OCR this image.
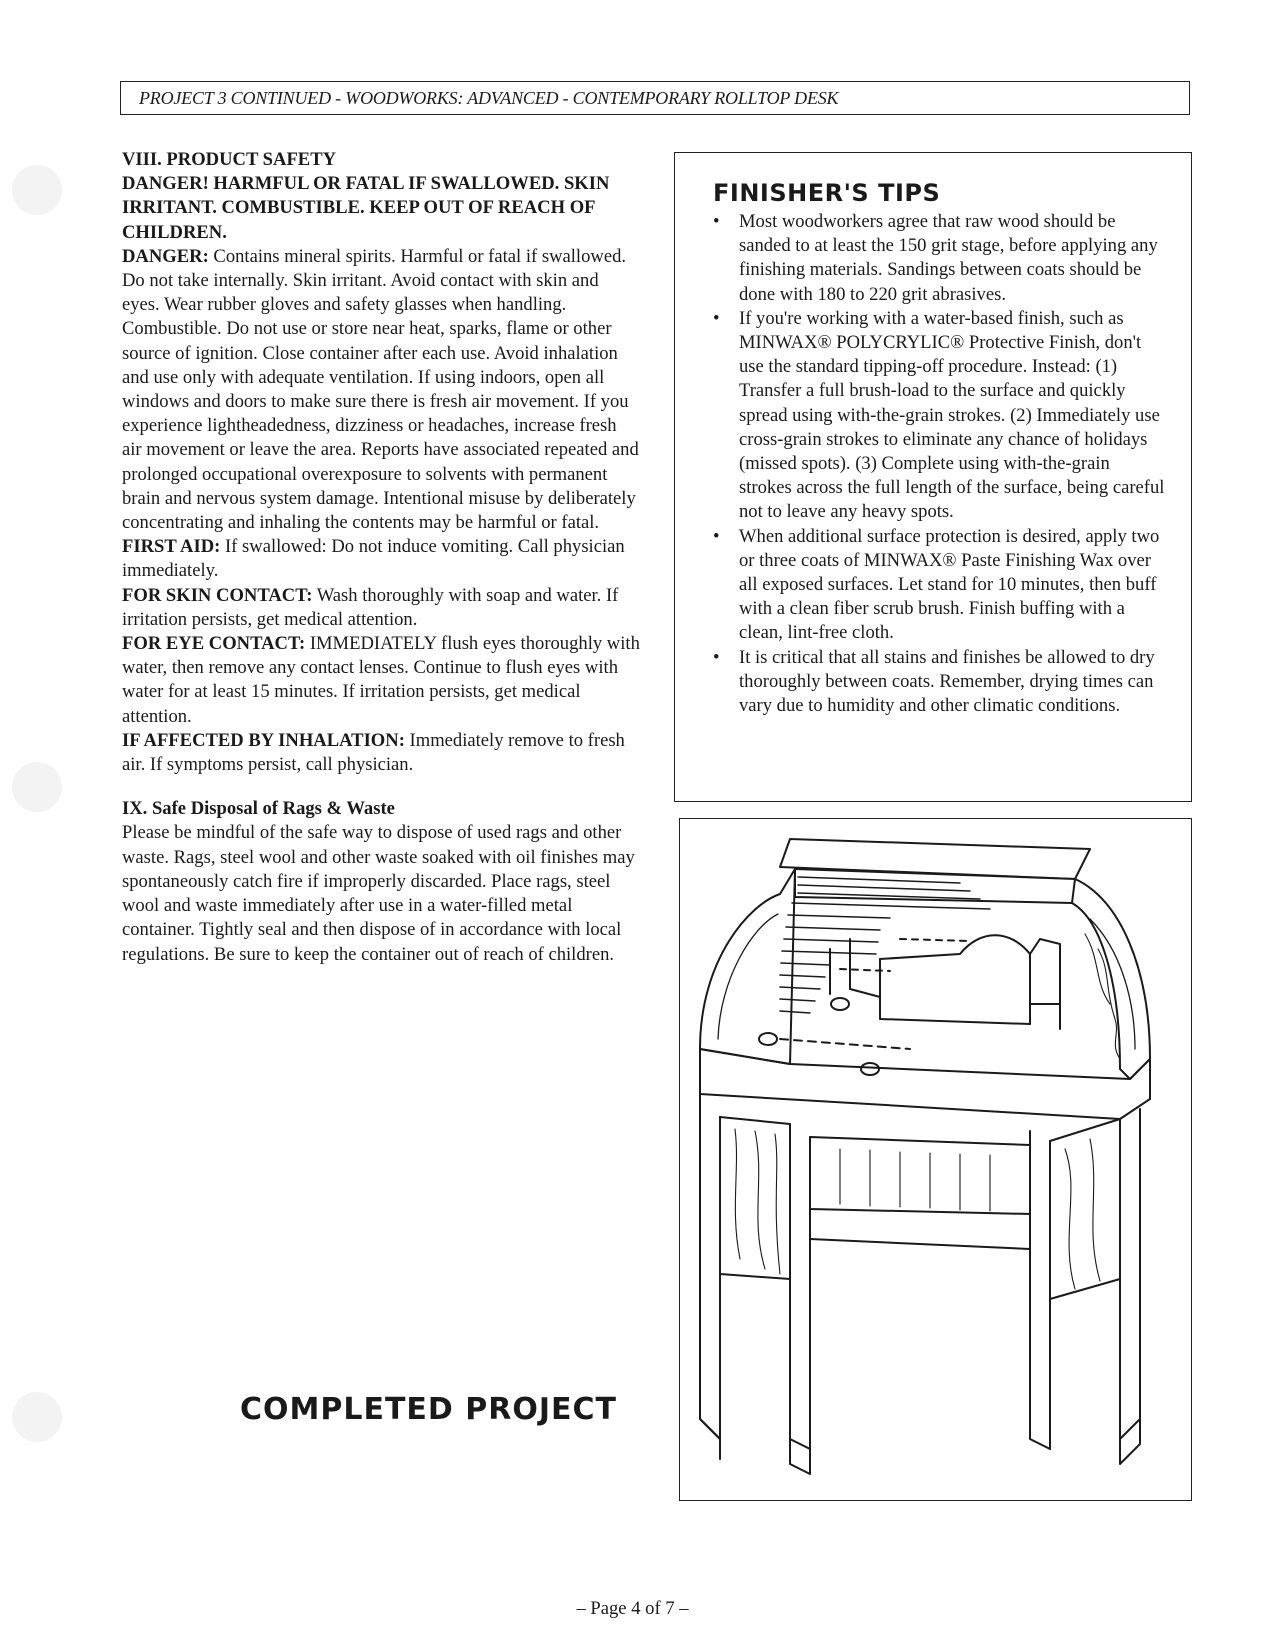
PROJECT 3 CONTINUED - WOODWORKS: ADVANCED - CONTEMPORARY ROLLTOP DESK

VIII. PRODUCT SAFETY

DANGER! HARMFUL OR FATAL IF SWALLOWED. SKIN IRRITANT. COMBUSTIBLE. KEEP OUT OF REACH OF CHILDREN.

DANGER: Contains mineral spirits. Harmful or fatal if swallowed. Do not take internally. Skin irritant. Avoid contact with skin and eyes. Wear rubber gloves and safety glasses when handling. Combustible. Do not use or store near heat, sparks, flame or other source of ignition. Close container after each use. Avoid inhalation and use only with adequate ventilation. If using indoors, open all windows and doors to make sure there is fresh air movement. If you experience lightheadedness, dizziness or headaches, increase fresh air movement or leave the area. Reports have associated repeated and prolonged occupational overexposure to solvents with permanent brain and nervous system damage. Intentional misuse by deliberately concentrating and inhaling the contents may be harmful or fatal.

FIRST AID: If swallowed: Do not induce vomiting. Call physician immediately.

FOR SKIN CONTACT: Wash thoroughly with soap and water. If irritation persists, get medical attention.

FOR EYE CONTACT: IMMEDIATELY flush eyes thoroughly with water, then remove any contact lenses. Continue to flush eyes with water for at least 15 minutes. If irritation persists, get medical attention.

IF AFFECTED BY INHALATION: Immediately remove to fresh air. If symptoms persist, call physician.

IX. Safe Disposal of Rags & Waste

Please be mindful of the safe way to dispose of used rags and other waste. Rags, steel wool and other waste soaked with oil finishes may spontaneously catch fire if improperly discarded. Place rags, steel wool and waste immediately after use in a water-filled metal container. Tightly seal and then dispose of in accordance with local regulations. Be sure to keep the container out of reach of children.

FINISHER'S TIPS

• Most woodworkers agree that raw wood should be sanded to at least the 150 grit stage, before applying any finishing materials. Sandings between coats should be done with 180 to 220 grit abrasives.
• If you're working with a water-based finish, such as MINWAX® POLYCRYLIC® Protective Finish, don't use the standard tipping-off procedure. Instead: (1) Transfer a full brush-load to the surface and quickly spread using with-the-grain strokes. (2) Immediately use cross-grain strokes to eliminate any chance of holidays (missed spots). (3) Complete using with-the-grain strokes across the full length of the surface, being careful not to leave any heavy spots.
• When additional surface protection is desired, apply two or three coats of MINWAX® Paste Finishing Wax over all exposed surfaces. Let stand for 10 minutes, then buff with a clean fiber scrub brush. Finish buffing with a clean, lint-free cloth.
• It is critical that all stains and finishes be allowed to dry thoroughly between coats. Remember, drying times can vary due to humidity and other climatic conditions.
COMPLETED PROJECT
– Page 4 of 7 –
